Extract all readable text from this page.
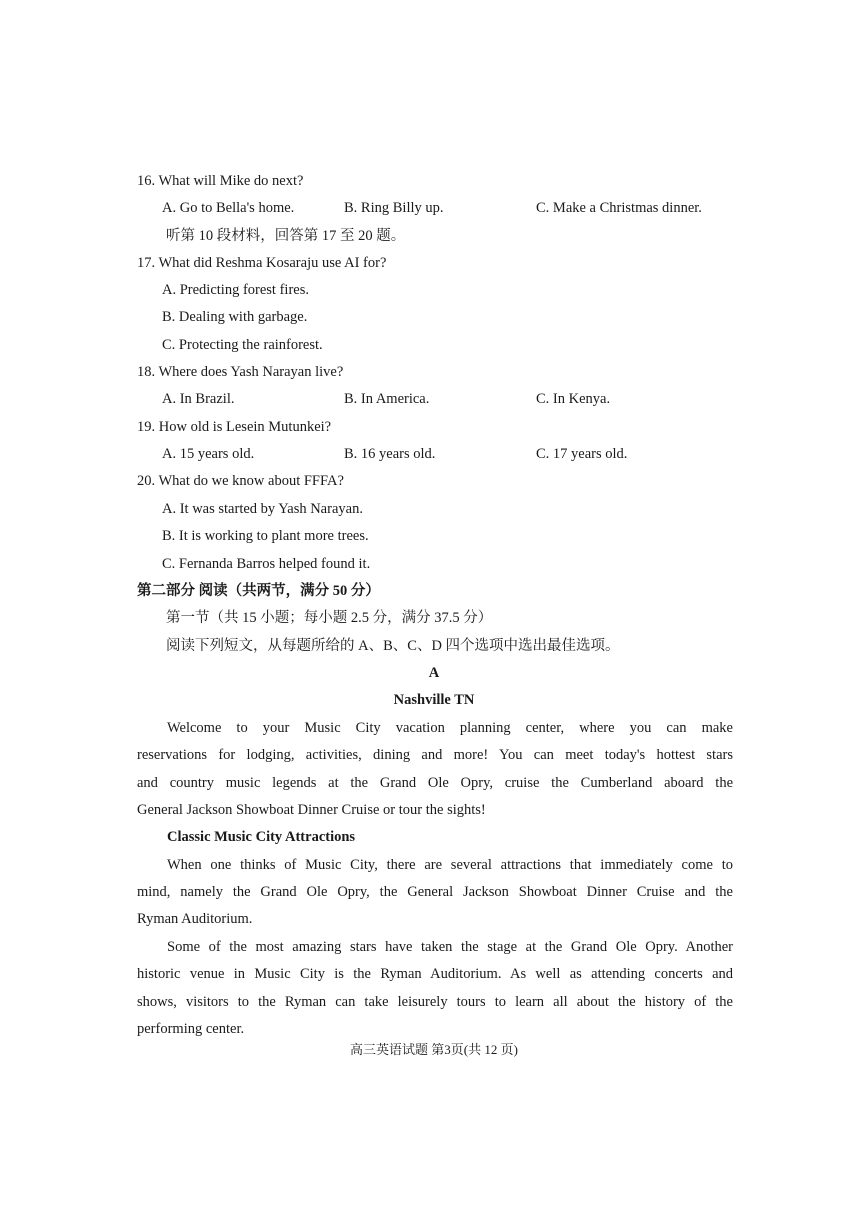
16. What will Mike do next?
A. Go to Bella's home.	B. Ring Billy up.	C. Make a Christmas dinner.
听第 10 段材料，回答第 17 至 20 题。
17. What did Reshma Kosaraju use AI for?
A. Predicting forest fires.
B. Dealing with garbage.
C. Protecting the rainforest.
18. Where does Yash Narayan live?
A. In Brazil.	B. In America.	C. In Kenya.
19. How old is Lesein Mutunkei?
A. 15 years old.	B. 16 years old.	C. 17 years old.
20. What do we know about FFFA?
A. It was started by Yash Narayan.
B. It is working to plant more trees.
C. Fernanda Barros helped found it.
第二部分 阅读（共两节，满分 50 分）
第一节（共 15 小题；每小题 2.5 分，满分 37.5 分）
阅读下列短文，从每题所给的 A、B、C、D 四个选项中选出最佳选项。
A
Nashville TN
Welcome to your Music City vacation planning center, where you can make
reservations for lodging, activities, dining and more! You can meet today's hottest stars
and country music legends at the Grand Ole Opry, cruise the Cumberland aboard the
General Jackson Showboat Dinner Cruise or tour the sights!
Classic Music City Attractions
When one thinks of Music City, there are several attractions that immediately come to
mind, namely the Grand Ole Opry, the General Jackson Showboat Dinner Cruise and the
Ryman Auditorium.
Some of the most amazing stars have taken the stage at the Grand Ole Opry. Another
historic venue in Music City is the Ryman Auditorium. As well as attending concerts and
shows, visitors to the Ryman can take leisurely tours to learn all about the history of the
performing center.
高三英语试题 第3页(共 12 页)
